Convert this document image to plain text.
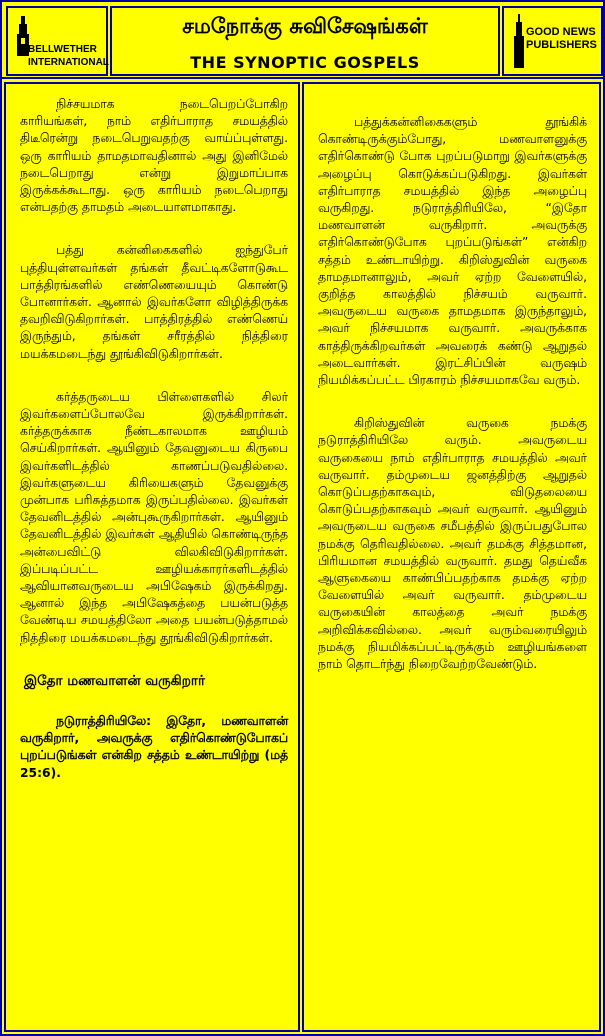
BELLWETHER
INTERNATIONAL
சமநோக்கு சுவிசேஷங்கள்
THE SYNOPTIC GOSPELS
GOOD NEWS
PUBLISHERS

நிச்சயமாக நடைபெறப்போகிற காரியங்கள், நாம் எதிர்பாராத சமயத்தில் திடீரென்று நடைபெறுவதற்கு வாய்ப்புள்ளது. ஒரு காரியம் தாமதமாவதினால் அது இனிமேல் நடைபெறாது என்று இறுமாப்பாக இருக்கக்கூடாது. ஒரு காரியம் நடைபெறாது என்பதற்கு தாமதம் அடையாளமாகாது.

பத்து கன்னிகைகளில் ஐந்துபேர் புத்தியுள்ளவர்கள் தங்கள் தீவட்டிகளோடுகூட பாத்திரங்களில் எண்ணெயையும் கொண்டு போனார்கள். ஆனால் இவர்களோ விழித்திருக்க தவறிவிடுகிறார்கள். பாத்திரத்தில் எண்ணெய் இருந்தும், தங்கள் சரீரத்தில் நித்திரை மயக்கமடைந்து தூங்கிவிடுகிறார்கள்.

கர்த்தருடைய பிள்ளைகளில் சிலர் இவர்களைப்போலவே இருக்கிறார்கள். கர்த்தருக்காக நீண்டகாலமாக ஊழியம் செய்கிறார்கள். ஆயினும் தேவனுடைய கிருபை இவர்களிடத்தில் காணப்படுவதில்லை. இவர்களுடைய கிரியைகளும் தேவனுக்கு முன்பாக பரிசுத்தமாக இருப்பதில்லை. இவர்கள் தேவனிடத்தில் அன்புகூருகிறார்கள். ஆயினும் தேவனிடத்தில் இவர்கள் ஆதியில் கொண்டிருந்த அன்பைவிட்டு விலகிவிடுகிறார்கள். இப்படிப்பட்ட ஊழியக்காரர்களிடத்தில் ஆவியானவருடைய அபிஷேகம் இருக்கிறது. ஆனால் இந்த அபிஷேகத்தை பயன்படுத்த வேண்டிய சமயத்திலோ அதை பயன்படுத்தாமல் நித்திரை மயக்கமடைந்து தூங்கிவிடுகிறார்கள்.

இதோ மணவாளன் வருகிறார்

நடுராத்திரியிலே: இதோ, மணவாளன் வருகிறார், அவருக்கு எதிர்கொண்டுபோகப் புறப்படுங்கள் என்கிற சத்தம் உண்டாயிற்று (மத் 25:6).

பத்துக்கன்னிகைகளும் தூங்கிக் கொண்டிருக்கும்போது, மணவாளனுக்கு எதிர்கொண்டு போக புறப்படுமாறு இவர்களுக்கு அழைப்பு கொடுக்கப்படுகிறது. இவர்கள் எதிர்பாராத சமயத்தில் இந்த அழைப்பு வருகிறது. நடுராத்திரியிலே, “இதோ மணவாளன் வருகிறார். அவருக்கு எதிர்கொண்டுபோக புறப்படுங்கள்” என்கிற சத்தம் உண்டாயிற்று. கிறிஸ்துவின் வருகை தாமதமானாலும், அவர் ஏற்ற வேளையில், குறித்த காலத்தில் நிச்சயம் வருவார். அவருடைய வருகை தாமதமாக இருந்தாலும், அவர் நிச்சயமாக வருவார். அவருக்காக காத்திருக்கிறவர்கள் அவரைக் கண்டு ஆறுதல் அடைவார்கள். இரட்சிப்பின் வருஷம் நியமிக்கப்பட்ட பிரகாரம் நிச்சயமாகவே வரும்.

கிறிஸ்துவின் வருகை நமக்கு நடுராத்திரியிலே வரும். அவருடைய வருகையை நாம் எதிர்பாராத சமயத்தில் அவர் வருவார். தம்முடைய ஜனத்திற்கு ஆறுதல் கொடுப்பதற்காகவும், விடுதலையை கொடுப்பதற்காகவும் அவர் வருவார். ஆயினும் அவருடைய வருகை சமீபத்தில் இருப்பதுபோல நமக்கு தெரிவதில்லை. அவர் தமக்கு சித்தமான, பிரியமான சமயத்தில் வருவார். தமது தெய்வீக ஆளுகையை காண்பிப்பதற்காக தமக்கு ஏற்ற வேளையில் அவர் வருவார். தம்முடைய வருகையின் காலத்தை அவர் நமக்கு அறிவிக்கவில்லை. அவர் வரும்வரையிலும் நமக்கு நியமிக்கப்பட்டிருக்கும் ஊழியங்களை நாம் தொடர்ந்து நிறைவேற்றவேண்டும்.
